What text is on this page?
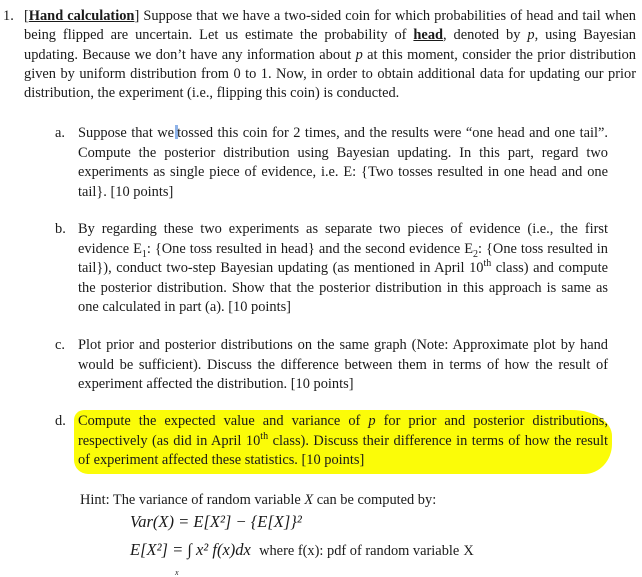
1. [Hand calculation] Suppose that we have a two-sided coin for which probabilities of head and tail when being flipped are uncertain. Let us estimate the probability of head, denoted by p, using Bayesian updating. Because we don’t have any information about p at this moment, consider the prior distribution given by uniform distribution from 0 to 1. Now, in order to obtain additional data for updating our prior distribution, the experiment (i.e., flipping this coin) is conducted.
a. Suppose that we tossed this coin for 2 times, and the results were “one head and one tail”. Compute the posterior distribution using Bayesian updating. In this part, regard two experiments as single piece of evidence, i.e. E: {Two tosses resulted in one head and one tail}. [10 points]
b. By regarding these two experiments as separate two pieces of evidence (i.e., the first evidence $E_1$: {One toss resulted in head} and the second evidence $E_2$: {One toss resulted in tail}), conduct two-step Bayesian updating (as mentioned in April 10th class) and compute the posterior distribution. Show that the posterior distribution in this approach is same as one calculated in part (a). [10 points]
c. Plot prior and posterior distributions on the same graph (Note: Approximate plot by hand would be sufficient). Discuss the difference between them in terms of how the result of experiment affected the distribution. [10 points]
d. Compute the expected value and variance of p for prior and posterior distributions, respectively (as did in April 10th class). Discuss their difference in terms of how the result of experiment affected these statistics. [10 points]
Hint: The variance of random variable X can be computed by:
Var(X) = E[X²] − {E[X]}²
E[X²] = ∫ x² f(x)dx where f(x): pdf of random variable X
x
